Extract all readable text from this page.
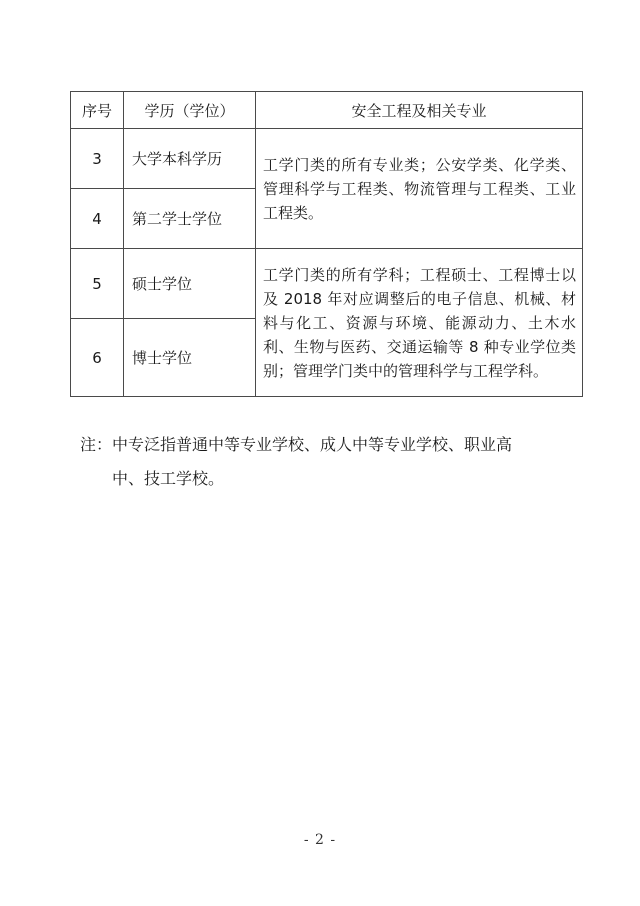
序号	学历（学位）	安全工程及相关专业
3	大学本科学历	工学门类的所有专业类；公安学类、化学类、管理科学与工程类、物流管理与工程类、工业工程类。
4	第二学士学位	
5	硕士学位	工学门类的所有学科；工程硕士、工程博士以及 2018 年对应调整后的电子信息、机械、材料与化工、资源与环境、能源动力、土木水利、生物与医药、交通运输等 8 种专业学位类别；管理学门类中的管理科学与工程学科。
6	博士学位	
注：中专泛指普通中等专业学校、成人中等专业学校、职业高
中、技工学校。
- 2 -
